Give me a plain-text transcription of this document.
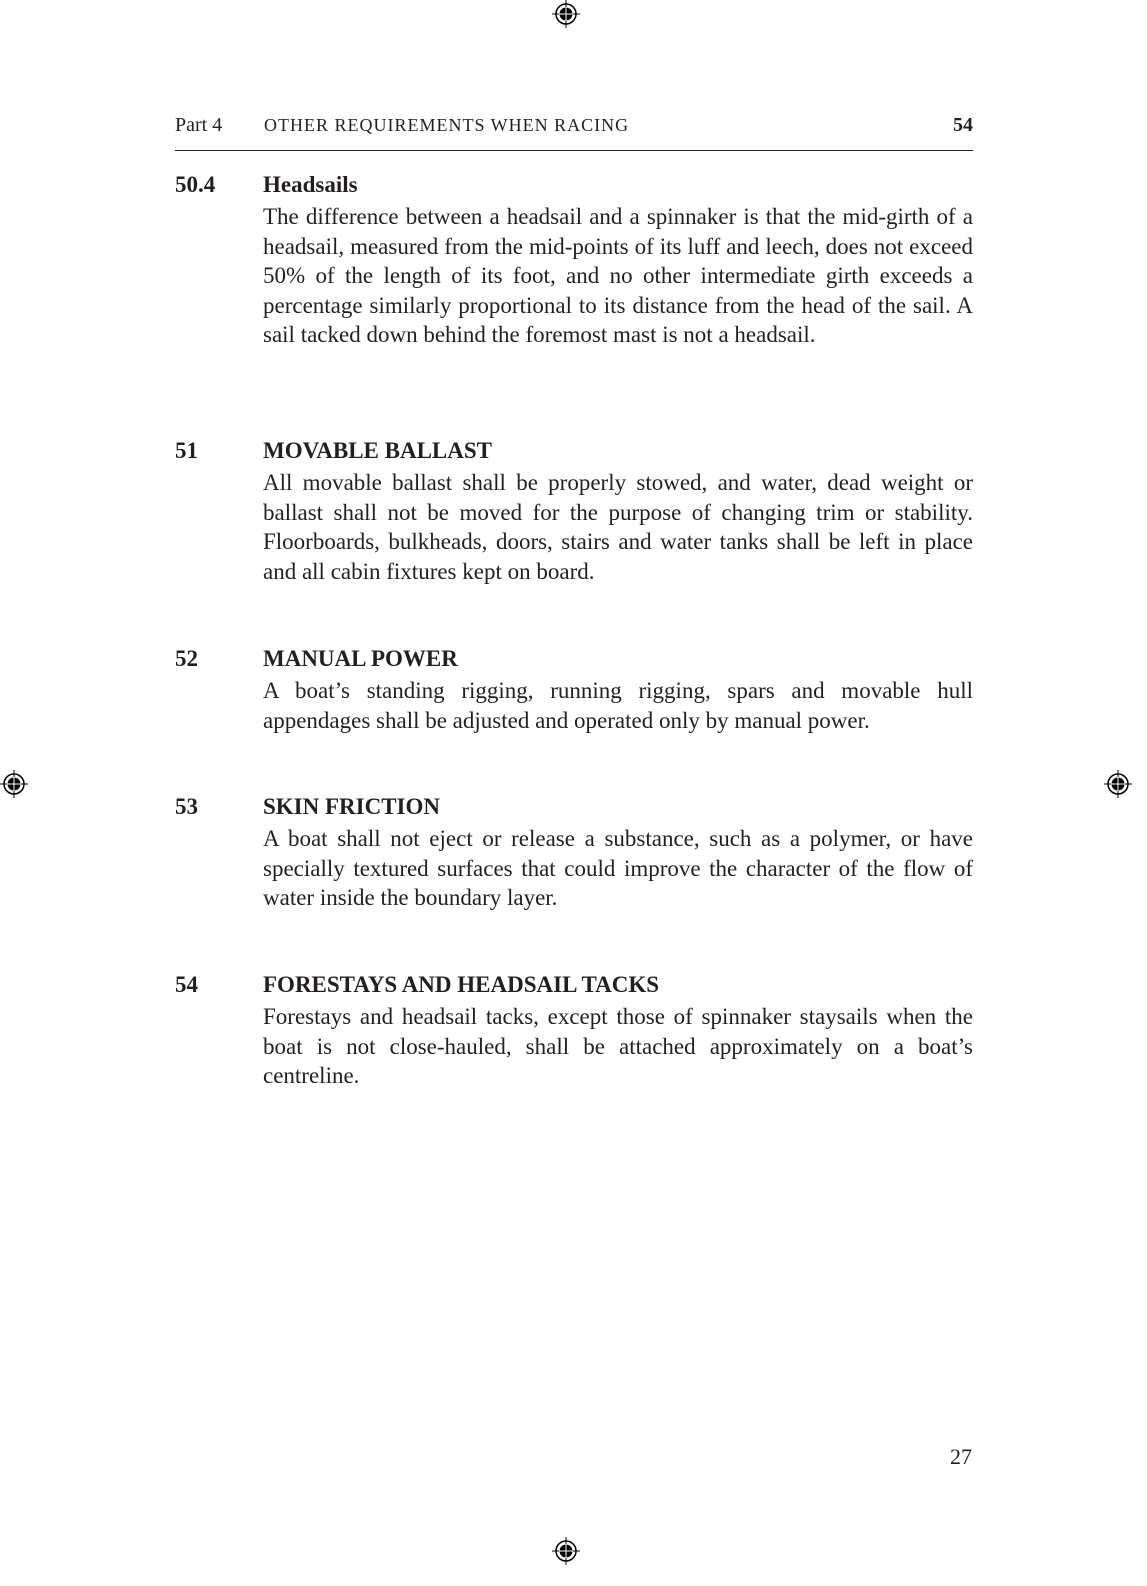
Part 4 OTHER REQUIREMENTS WHEN RACING	54
50.4 Headsails
The difference between a headsail and a spinnaker is that the mid-girth of a headsail, measured from the mid-points of its luff and leech, does not exceed 50% of the length of its foot, and no other intermediate girth exceeds a percentage similarly proportional to its distance from the head of the sail. A sail tacked down behind the foremost mast is not a headsail.
51	MOVABLE BALLAST
All movable ballast shall be properly stowed, and water, dead weight or ballast shall not be moved for the purpose of changing trim or stability. Floorboards, bulkheads, doors, stairs and water tanks shall be left in place and all cabin fixtures kept on board.
52	MANUAL POWER
A boat’s standing rigging, running rigging, spars and movable hull appendages shall be adjusted and operated only by manual power.
53	SKIN FRICTION
A boat shall not eject or release a substance, such as a polymer, or have specially textured surfaces that could improve the character of the flow of water inside the boundary layer.
54	FORESTAYS AND HEADSAIL TACKS
Forestays and headsail tacks, except those of spinnaker staysails when the boat is not close-hauled, shall be attached approximately on a boat’s centreline.
27
